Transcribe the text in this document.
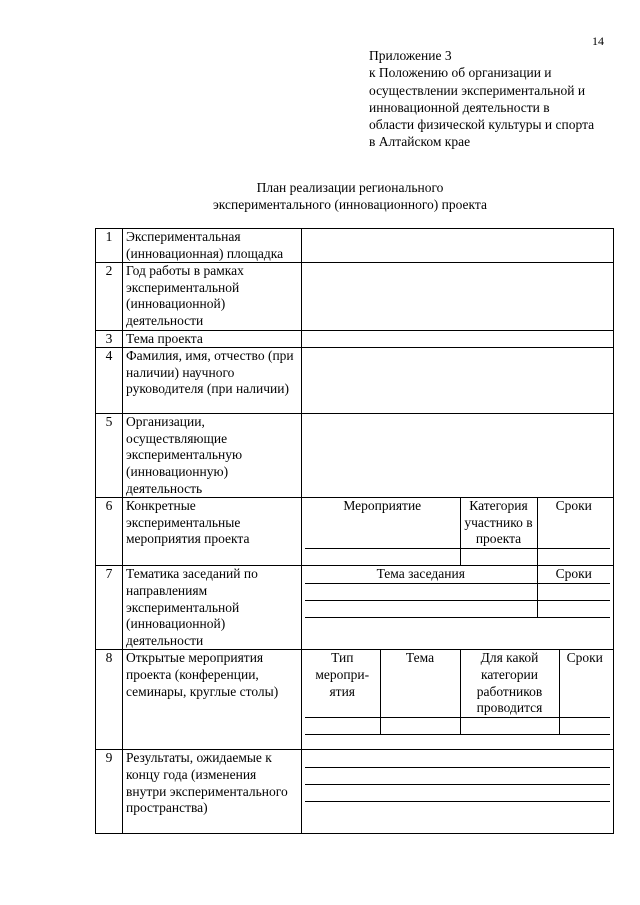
14
Приложение 3
к Положению об организации и
осуществлении экспериментальной и
инновационной деятельности в
области физической культуры и спорта
в Алтайском крае
План реализации регионального
экспериментального (инновационного) проекта
1	Экспериментальная (инновационная) площадка	
2	Год работы в рамках экспериментальной (инновационной) деятельности	
3	Тема проекта	
4	Фамилия, имя, отчество (при наличии) научного руководителя (при наличии)	
5	Организации, осуществляющие экспериментальную (инновационную) деятельность	
6	Конкретные экспериментальные мероприятия проекта	
Мероприятие	Категория участнико в проекта	Сроки

7	Тематика заседаний по направлениям экспериментальной (инновационной) деятельности	
Тема заседания	Сроки

8	Открытые мероприятия проекта (конференции, семинары, круглые столы)	
Тип меропри-ятия	Тема	Для какой категории работников проводится	Сроки

9	Результаты, ожидаемые к концу года (изменения внутри экспериментального пространства)	
